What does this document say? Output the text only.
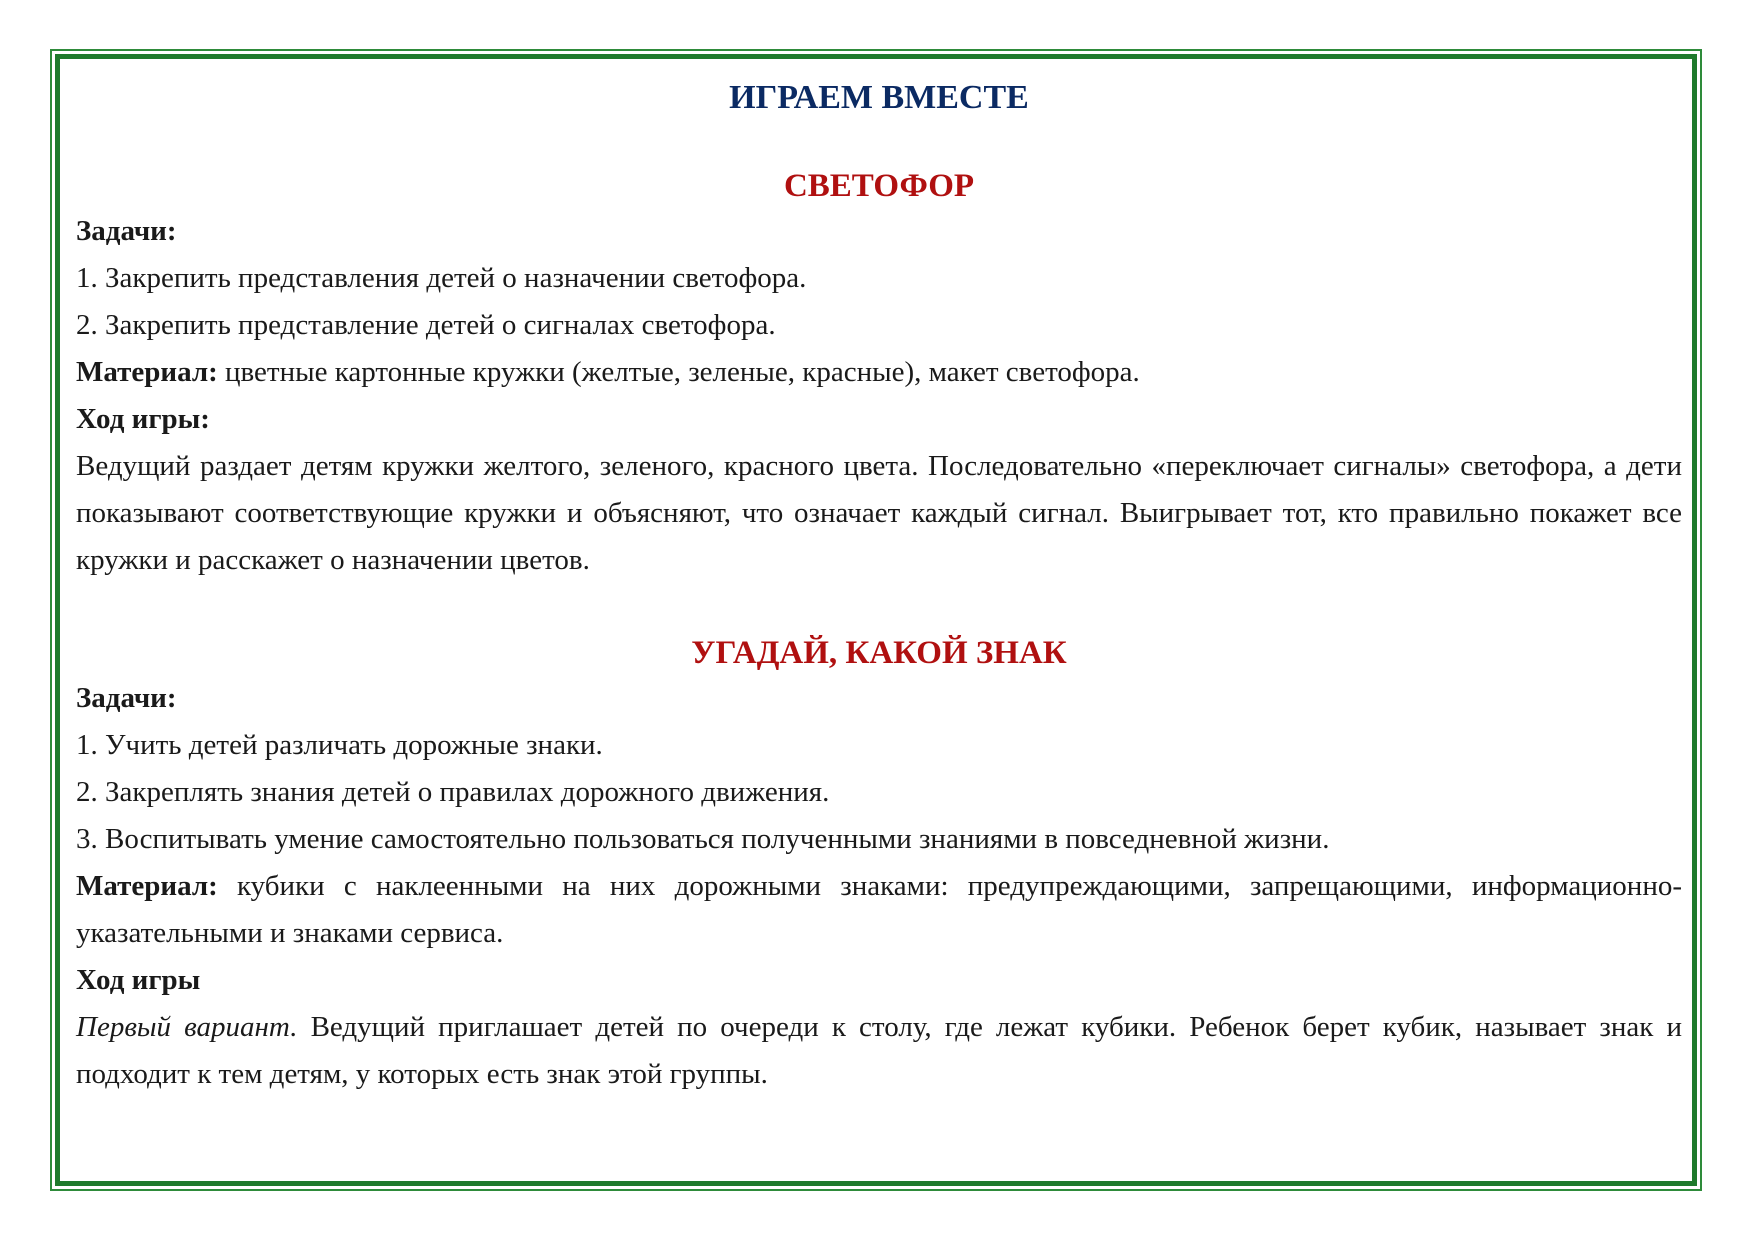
ИГРАЕМ ВМЕСТЕ
СВЕТОФОР

Задачи:

1. Закрепить представления детей о назначении светофора.

2. Закрепить представление детей о сигналах светофора.

Материал: цветные картонные кружки (желтые, зеленые, красные), макет светофора.

Ход игры:

Ведущий раздает детям кружки желтого, зеленого, красного цвета. Последовательно «переключает сигналы» светофора, а дети показывают соответствующие кружки и объясняют, что означает каждый сигнал. Выигрывает тот, кто правильно покажет все кружки и расскажет о назначении цветов.

УГАДАЙ, КАКОЙ ЗНАК

Задачи:

1. Учить детей различать дорожные знаки.

2. Закреплять знания детей о правилах дорожного движения.

3. Воспитывать умение самостоятельно пользоваться полученными знаниями в повседневной жизни.

Материал: кубики с наклеенными на них дорожными знаками: предупреждающими, запрещающими, информационно-указательными и знаками сервиса.

Ход игры

Первый вариант. Ведущий приглашает детей по очереди к столу, где лежат кубики. Ребенок берет кубик, называет знак и подходит к тем детям, у которых есть знак этой группы.
